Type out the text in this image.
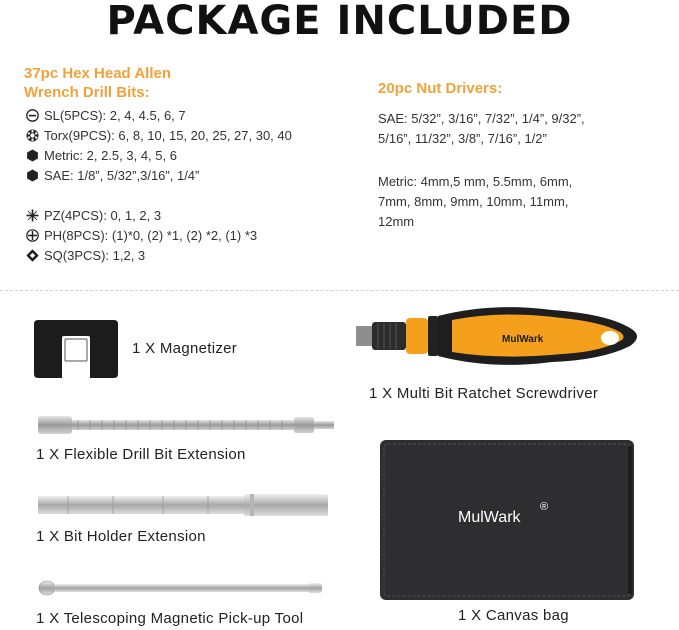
PACKAGE INCLUDED
37pc Hex Head Allen
Wrench Drill Bits:
SL(5PCS): 2, 4, 4.5, 6, 7
Torx(9PCS): 6, 8, 10, 15, 20, 25, 27, 30, 40
Metric: 2, 2.5, 3, 4, 5, 6
SAE: 1/8”, 5/32”,3/16”, 1/4”
PZ(4PCS): 0, 1, 2, 3
PH(8PCS): (1)*0, (2) *1, (2) *2, (1) *3
SQ(3PCS): 1,2, 3
20pc Nut Drivers:
SAE: 5/32”, 3/16”, 7/32”, 1/4”, 9/32”,
5/16”, 11/32”, 3/8”, 7/16”, 1/2”
Metric: 4mm,5 mm, 5.5mm, 6mm,
7mm, 8mm, 9mm, 10mm, 11mm,
12mm
1 X Magnetizer
MulWark
1 X Multi Bit Ratchet Screwdriver
1 X Flexible Drill Bit Extension
1 X Bit Holder Extension
1 X Telescoping Magnetic Pick-up Tool
MulWark
®
1 X Canvas bag
